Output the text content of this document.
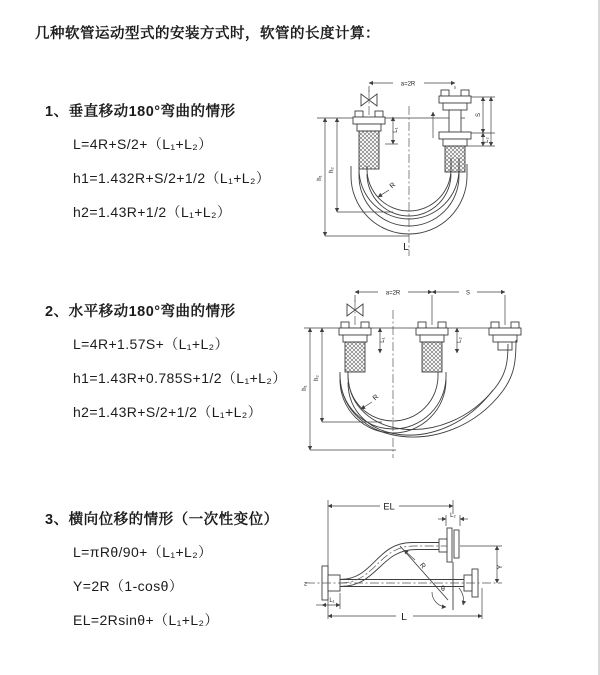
几种软管运动型式的安装方式时，软管的长度计算：
1、垂直移动180°弯曲的情形
L=4R+S/2+（L₁+L₂）
h1=1.432R+S/2+1/2（L₁+L₂）
h2=1.43R+1/2（L₁+L₂）
a=2R
L₁
h₁
h₂
S
L₂
R
L
2、水平移动180°弯曲的情形
L=4R+1.57S+（L₁+L₂）
h1=1.43R+0.785S+1/2（L₁+L₂）
h2=1.43R+S/2+1/2（L₁+L₂）
a=2R	S
L₁	L₂
h₁
h₂
R
3、横向位移的情形（一次性变位）
L=πRθ/90+（L₁+L₂）
Y=2R（1-cosθ）
EL=2Rsinθ+（L₁+L₂）
EL
L₂
Y
z
θ
R
L₁
L
